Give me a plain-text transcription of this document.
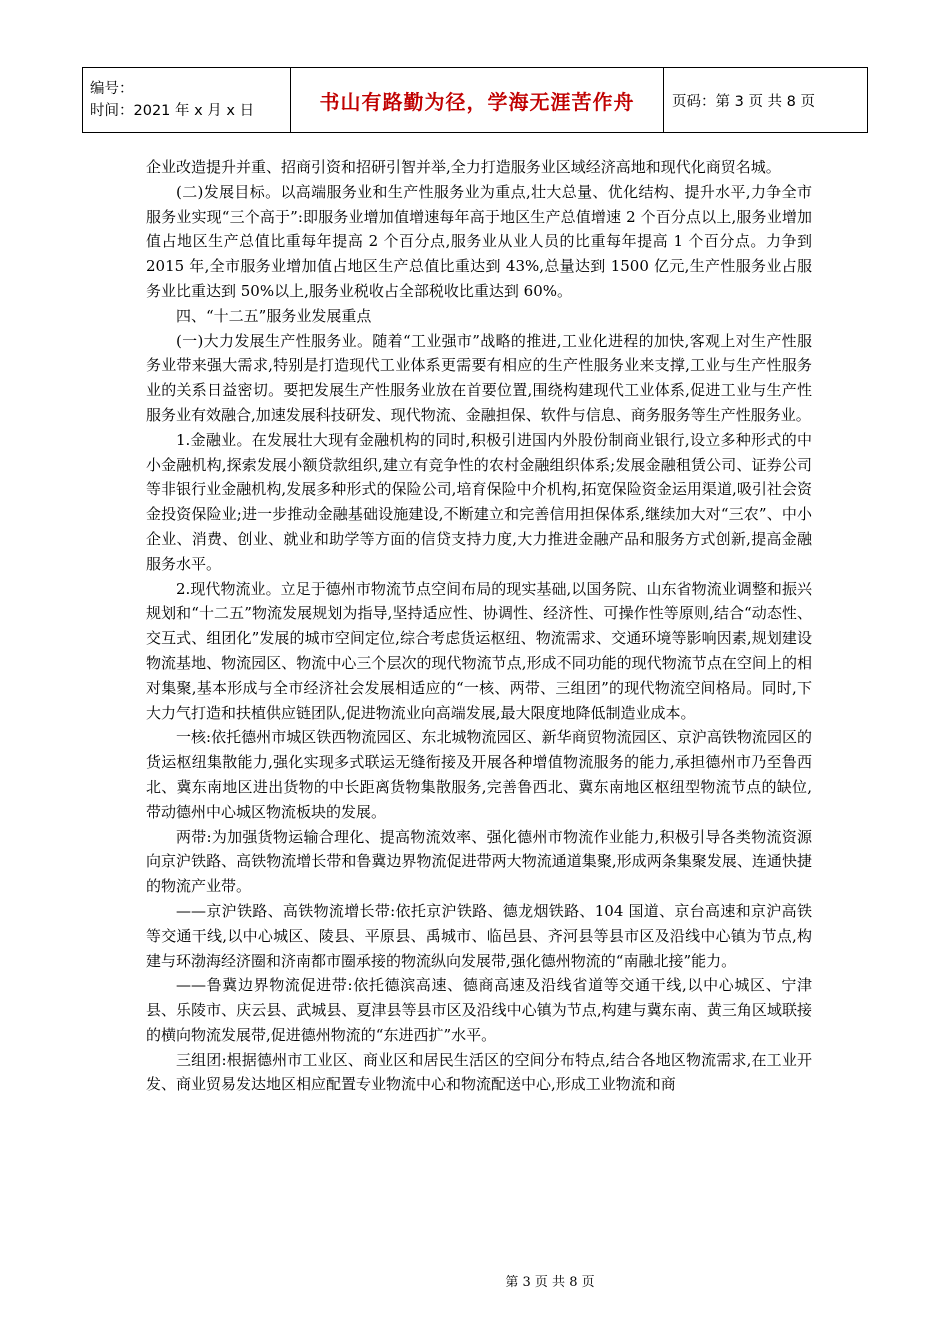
编号：
时间：2021 年 x 月 x 日	书山有路勤为径，学海无涯苦作舟	页码：第 3 页 共 8 页

企业改造提升并重、招商引资和招研引智并举,全力打造服务业区域经济高地和现代化商贸名城。

(二)发展目标。以高端服务业和生产性服务业为重点,壮大总量、优化结构、提升水平,力争全市服务业实现“三个高于”:即服务业增加值增速每年高于地区生产总值增速 2 个百分点以上,服务业增加值占地区生产总值比重每年提高 2 个百分点,服务业从业人员的比重每年提高 1 个百分点。力争到 2015 年,全市服务业增加值占地区生产总值比重达到 43%,总量达到 1500 亿元,生产性服务业占服务业比重达到 50%以上,服务业税收占全部税收比重达到 60%。

四、“十二五”服务业发展重点

(一)大力发展生产性服务业。随着“工业强市”战略的推进,工业化进程的加快,客观上对生产性服务业带来强大需求,特别是打造现代工业体系更需要有相应的生产性服务业来支撑,工业与生产性服务业的关系日益密切。要把发展生产性服务业放在首要位置,围绕构建现代工业体系,促进工业与生产性服务业有效融合,加速发展科技研发、现代物流、金融担保、软件与信息、商务服务等生产性服务业。

1.金融业。在发展壮大现有金融机构的同时,积极引进国内外股份制商业银行,设立多种形式的中小金融机构,探索发展小额贷款组织,建立有竞争性的农村金融组织体系;发展金融租赁公司、证券公司等非银行业金融机构,发展多种形式的保险公司,培育保险中介机构,拓宽保险资金运用渠道,吸引社会资金投资保险业;进一步推动金融基础设施建设,不断建立和完善信用担保体系,继续加大对“三农”、中小企业、消费、创业、就业和助学等方面的信贷支持力度,大力推进金融产品和服务方式创新,提高金融服务水平。

2.现代物流业。立足于德州市物流节点空间布局的现实基础,以国务院、山东省物流业调整和振兴规划和“十二五”物流发展规划为指导,坚持适应性、协调性、经济性、可操作性等原则,结合“动态性、交互式、组团化”发展的城市空间定位,综合考虑货运枢纽、物流需求、交通环境等影响因素,规划建设物流基地、物流园区、物流中心三个层次的现代物流节点,形成不同功能的现代物流节点在空间上的相对集聚,基本形成与全市经济社会发展相适应的“一核、两带、三组团”的现代物流空间格局。同时,下大力气打造和扶植供应链团队,促进物流业向高端发展,最大限度地降低制造业成本。

一核:依托德州市城区铁西物流园区、东北城物流园区、新华商贸物流园区、京沪高铁物流园区的货运枢纽集散能力,强化实现多式联运无缝衔接及开展各种增值物流服务的能力,承担德州市乃至鲁西北、冀东南地区进出货物的中长距离货物集散服务,完善鲁西北、冀东南地区枢纽型物流节点的缺位,带动德州中心城区物流板块的发展。

两带:为加强货物运输合理化、提高物流效率、强化德州市物流作业能力,积极引导各类物流资源向京沪铁路、高铁物流增长带和鲁冀边界物流促进带两大物流通道集聚,形成两条集聚发展、连通快捷的物流产业带。

——京沪铁路、高铁物流增长带:依托京沪铁路、德龙烟铁路、104 国道、京台高速和京沪高铁等交通干线,以中心城区、陵县、平原县、禹城市、临邑县、齐河县等县市区及沿线中心镇为节点,构建与环渤海经济圈和济南都市圈承接的物流纵向发展带,强化德州物流的“南融北接”能力。

——鲁冀边界物流促进带:依托德滨高速、德商高速及沿线省道等交通干线,以中心城区、宁津县、乐陵市、庆云县、武城县、夏津县等县市区及沿线中心镇为节点,构建与冀东南、黄三角区域联接的横向物流发展带,促进德州物流的“东进西扩”水平。

三组团:根据德州市工业区、商业区和居民生活区的空间分布特点,结合各地区物流需求,在工业开发、商业贸易发达地区相应配置专业物流中心和物流配送中心,形成工业物流和商

第 3 页 共 8 页
